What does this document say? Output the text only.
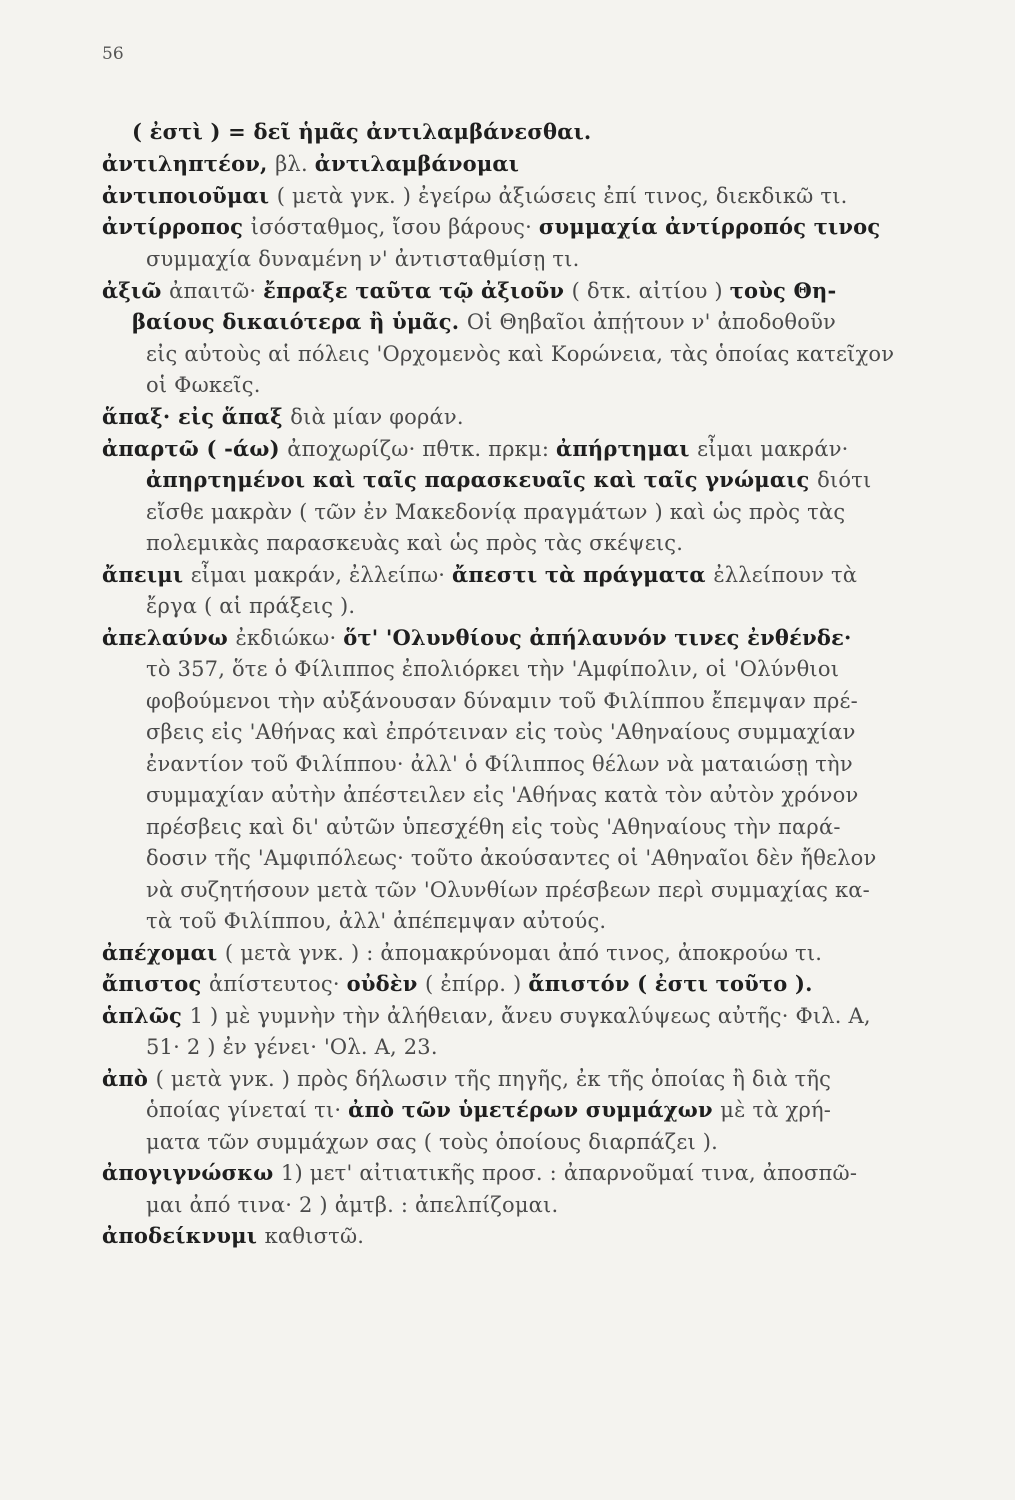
56
( ἐστὶ ) = δεῖ ἡμᾶς ἀντιλαμβάνεσθαι.
ἀντιληπτέον, βλ. ἀντιλαμβάνομαι
ἀντιποιοῦμαι ( μετὰ γνκ. ) ἐγείρω ἀξιώσεις ἐπί τινος, διεκδικῶ τι.
ἀντίρροπος ἰσόσταθμος, ἴσου βάρους· συμμαχία ἀντίρροπός τινος
συμμαχία δυναμένη ν' ἀντισταθμίσῃ τι.
ἀξιῶ ἀπαιτῶ· ἔπραξε ταῦτα τῷ ἀξιοῦν ( δτκ. αἰτίου ) τοὺς Θη-
βαίους δικαιότερα ἢ ὑμᾶς. Οἱ Θηβαῖοι ἀπῄτουν ν' ἀποδοθοῦν
εἰς αὐτοὺς αἱ πόλεις 'Ορχομενὸς καὶ Κορώνεια, τὰς ὁποίας κατεῖχον
οἱ Φωκεῖς.
ἅπαξ· εἰς ἅπαξ διὰ μίαν φοράν.
ἀπαρτῶ ( -άω) ἀποχωρίζω· πθτκ. πρκμ: ἀπήρτημαι εἶμαι μακράν·
ἀπηρτημένοι καὶ ταῖς παρασκευαῖς καὶ ταῖς γνώμαις διότι
εἴσθε μακρὰν ( τῶν ἐν Μακεδονίᾳ πραγμάτων ) καὶ ὡς πρὸς τὰς
πολεμικὰς παρασκευὰς καὶ ὡς πρὸς τὰς σκέψεις.
ἄπειμι εἶμαι μακράν, ἐλλείπω· ἄπεστι τὰ πράγματα ἐλλείπουν τὰ
ἔργα ( αἱ πράξεις ).
ἀπελαύνω ἐκδιώκω· ὅτ' 'Ολυνθίους ἀπήλαυνόν τινες ἐνθένδε·
τὸ 357, ὅτε ὁ Φίλιππος ἐπολιόρκει τὴν 'Αμφίπολιν, οἱ 'Ολύνθιοι
φοβούμενοι τὴν αὐξάνουσαν δύναμιν τοῦ Φιλίππου ἔπεμψαν πρέ-
σβεις εἰς 'Αθήνας καὶ ἐπρότειναν εἰς τοὺς 'Αθηναίους συμμαχίαν
ἐναντίον τοῦ Φιλίππου· ἀλλ' ὁ Φίλιππος θέλων νὰ ματαιώσῃ τὴν
συμμαχίαν αὐτὴν ἀπέστειλεν εἰς 'Αθήνας κατὰ τὸν αὐτὸν χρόνον
πρέσβεις καὶ δι' αὐτῶν ὑπεσχέθη εἰς τοὺς 'Αθηναίους τὴν παρά-
δοσιν τῆς 'Αμφιπόλεως· τοῦτο ἀκούσαντες οἱ 'Αθηναῖοι δὲν ἤθελον
νὰ συζητήσουν μετὰ τῶν 'Ολυνθίων πρέσβεων περὶ συμμαχίας κα-
τὰ τοῦ Φιλίππου, ἀλλ' ἀπέπεμψαν αὐτούς.
ἀπέχομαι ( μετὰ γνκ. ) : ἀπομακρύνομαι ἀπό τινος, ἀποκρούω τι.
ἄπιστος ἀπίστευτος· οὐδὲν ( ἐπίρρ. ) ἄπιστόν ( ἐστι τοῦτο ).
ἁπλῶς 1 ) μὲ γυμνὴν τὴν ἀλήθειαν, ἄνευ συγκαλύψεως αὐτῆς· Φιλ. Α,
51· 2 ) ἐν γένει· 'Ολ. Α, 23.
ἀπὸ ( μετὰ γνκ. ) πρὸς δήλωσιν τῆς πηγῆς, ἐκ τῆς ὁποίας ἢ διὰ τῆς
ὁποίας γίνεταί τι· ἀπὸ τῶν ὑμετέρων συμμάχων μὲ τὰ χρή-
ματα τῶν συμμάχων σας ( τοὺς ὁποίους διαρπάζει ).
ἀπογιγνώσκω 1) μετ' αἰτιατικῆς προσ. : ἀπαρνοῦμαί τινα, ἀποσπῶ-
μαι ἀπό τινα· 2 ) ἀμτβ. : ἀπελπίζομαι.
ἀποδείκνυμι καθιστῶ.
